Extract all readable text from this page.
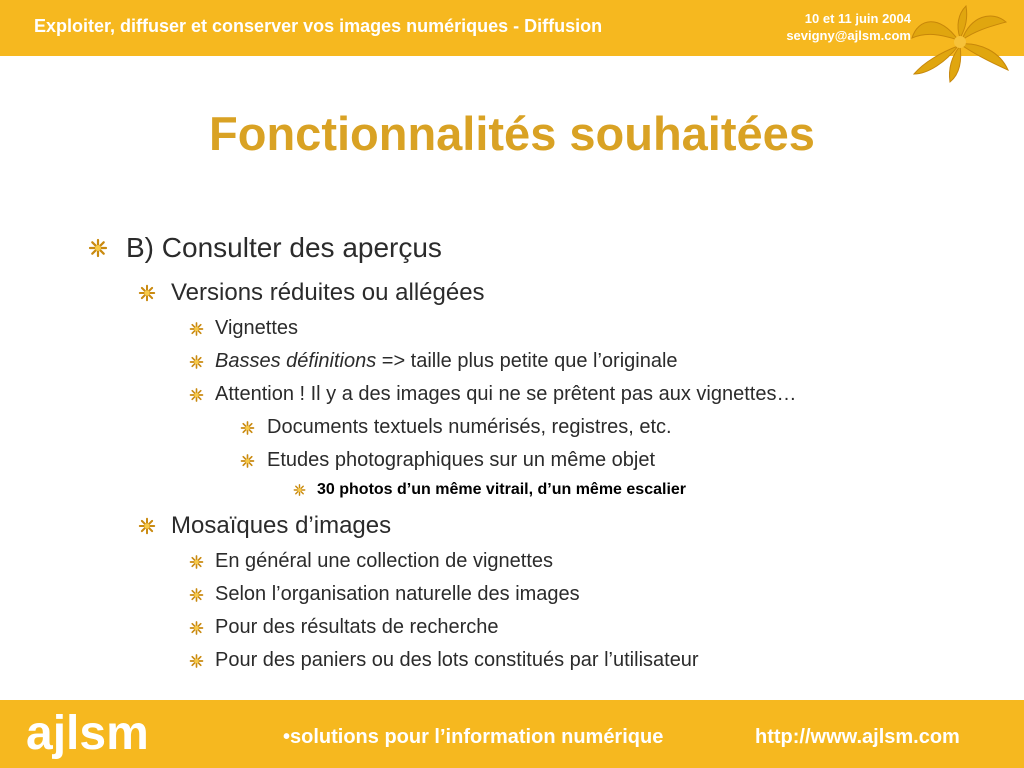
Exploiter, diffuser et conserver vos images numériques - Diffusion	10 et 11 juin 2004
sevigny@ajlsm.com
Fonctionnalités souhaitées
B) Consulter des aperçus
Versions réduites ou allégées
Vignettes
Basses définitions => taille plus petite que l’originale
Attention ! Il y a des images qui ne se prêtent pas aux vignettes…
Documents textuels numérisés, registres, etc.
Etudes photographiques sur un même objet
30 photos d’un même vitrail, d’un même escalier
Mosaïques d’images
En général une collection de vignettes
Selon l’organisation naturelle des images
Pour des résultats de recherche
Pour des paniers ou des lots constitués par l’utilisateur
ajlsm	•solutions pour l’information numérique	http://www.ajlsm.com
